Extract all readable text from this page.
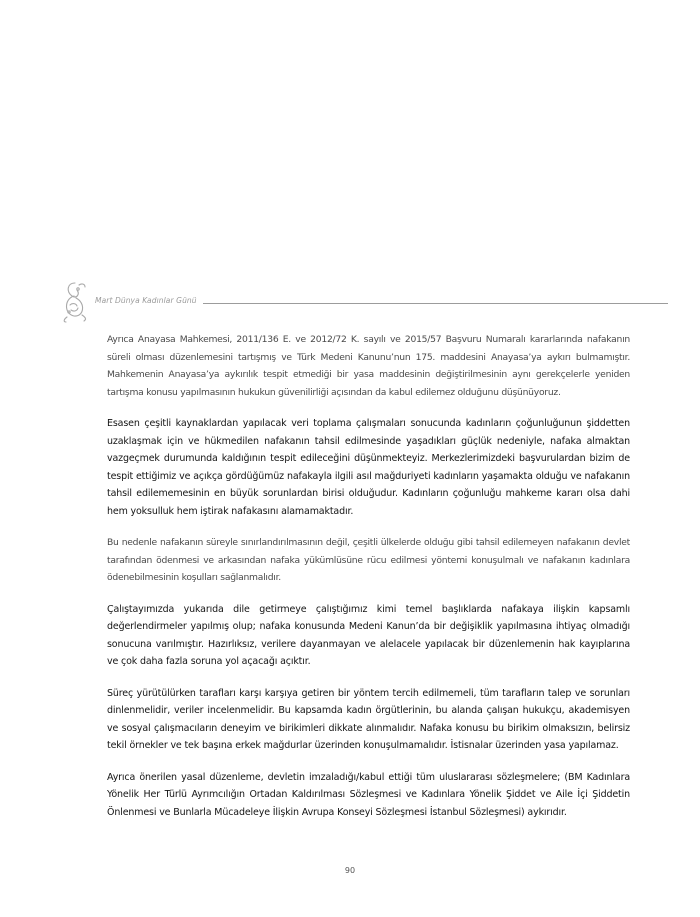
Mart Dünya Kadınlar Günü

Ayrıca Anayasa Mahkemesi, 2011/136 E. ve 2012/72 K. sayılı ve 2015/57 Başvuru Numaralı kararlarında nafakanın süreli olması düzenlemesini tartışmış ve Türk Medeni Kanunu’nun 175. maddesini Anayasa’ya aykırı bulmamıştır. Mahkemenin Anayasa’ya aykırılık tespit etmediği bir yasa maddesinin değiştirilmesinin aynı gerekçelerle yeniden tartışma konusu yapılmasının hukukun güvenilirliği açısından da kabul edilemez olduğunu düşünüyoruz.

Esasen çeşitli kaynaklardan yapılacak veri toplama çalışmaları sonucunda kadınların çoğunluğunun şiddetten uzaklaşmak için ve hükmedilen nafakanın tahsil edilmesinde yaşadıkları güçlük nedeniyle, nafaka almaktan vazgeçmek durumunda kaldığının tespit edileceğini düşünmekteyiz. Merkezlerimizdeki başvurulardan bizim de tespit ettiğimiz ve açıkça gördüğümüz nafakayla ilgili asıl mağduriyeti kadınların yaşamakta olduğu ve nafakanın tahsil edilememesinin en büyük sorunlardan birisi olduğudur. Kadınların çoğunluğu mahkeme kararı olsa dahi hem yoksulluk hem iştirak nafakasını alamamaktadır.

Bu nedenle nafakanın süreyle sınırlandırılmasının değil, çeşitli ülkelerde olduğu gibi tahsil edilemeyen nafakanın devlet tarafından ödenmesi ve arkasından nafaka yükümlüsüne rücu edilmesi yöntemi konuşulmalı ve nafakanın kadınlara ödenebilmesinin koşulları sağlanmalıdır.

Çalıştayımızda yukarıda dile getirmeye çalıştığımız kimi temel başlıklarda nafakaya ilişkin kapsamlı değerlendirmeler yapılmış olup; nafaka konusunda Medeni Kanun’da bir değişiklik yapılmasına ihtiyaç olmadığı sonucuna varılmıştır. Hazırlıksız, verilere dayanmayan ve alelacele yapılacak bir düzenlemenin hak kayıplarına ve çok daha fazla soruna yol açacağı açıktır.

Süreç yürütülürken tarafları karşı karşıya getiren bir yöntem tercih edilmemeli, tüm tarafların talep ve sorunları dinlenmelidir, veriler incelenmelidir. Bu kapsamda kadın örgütlerinin, bu alanda çalışan hukukçu, akademisyen ve sosyal çalışmacıların deneyim ve birikimleri dikkate alınmalıdır. Nafaka konusu bu birikim olmaksızın, belirsiz tekil örnekler ve tek başına erkek mağdurlar üzerinden konuşulmamalıdır. İstisnalar üzerinden yasa yapılamaz.

Ayrıca önerilen yasal düzenleme, devletin imzaladığı/kabul ettiği tüm uluslararası sözleşmelere; (BM Kadınlara Yönelik Her Türlü Ayrımcılığın Ortadan Kaldırılması Sözleşmesi ve Kadınlara Yönelik Şiddet ve Aile İçi Şiddetin Önlenmesi ve Bunlarla Mücadeleye İlişkin Avrupa Konseyi Sözleşmesi İstanbul Sözleşmesi) aykırıdır.

90
